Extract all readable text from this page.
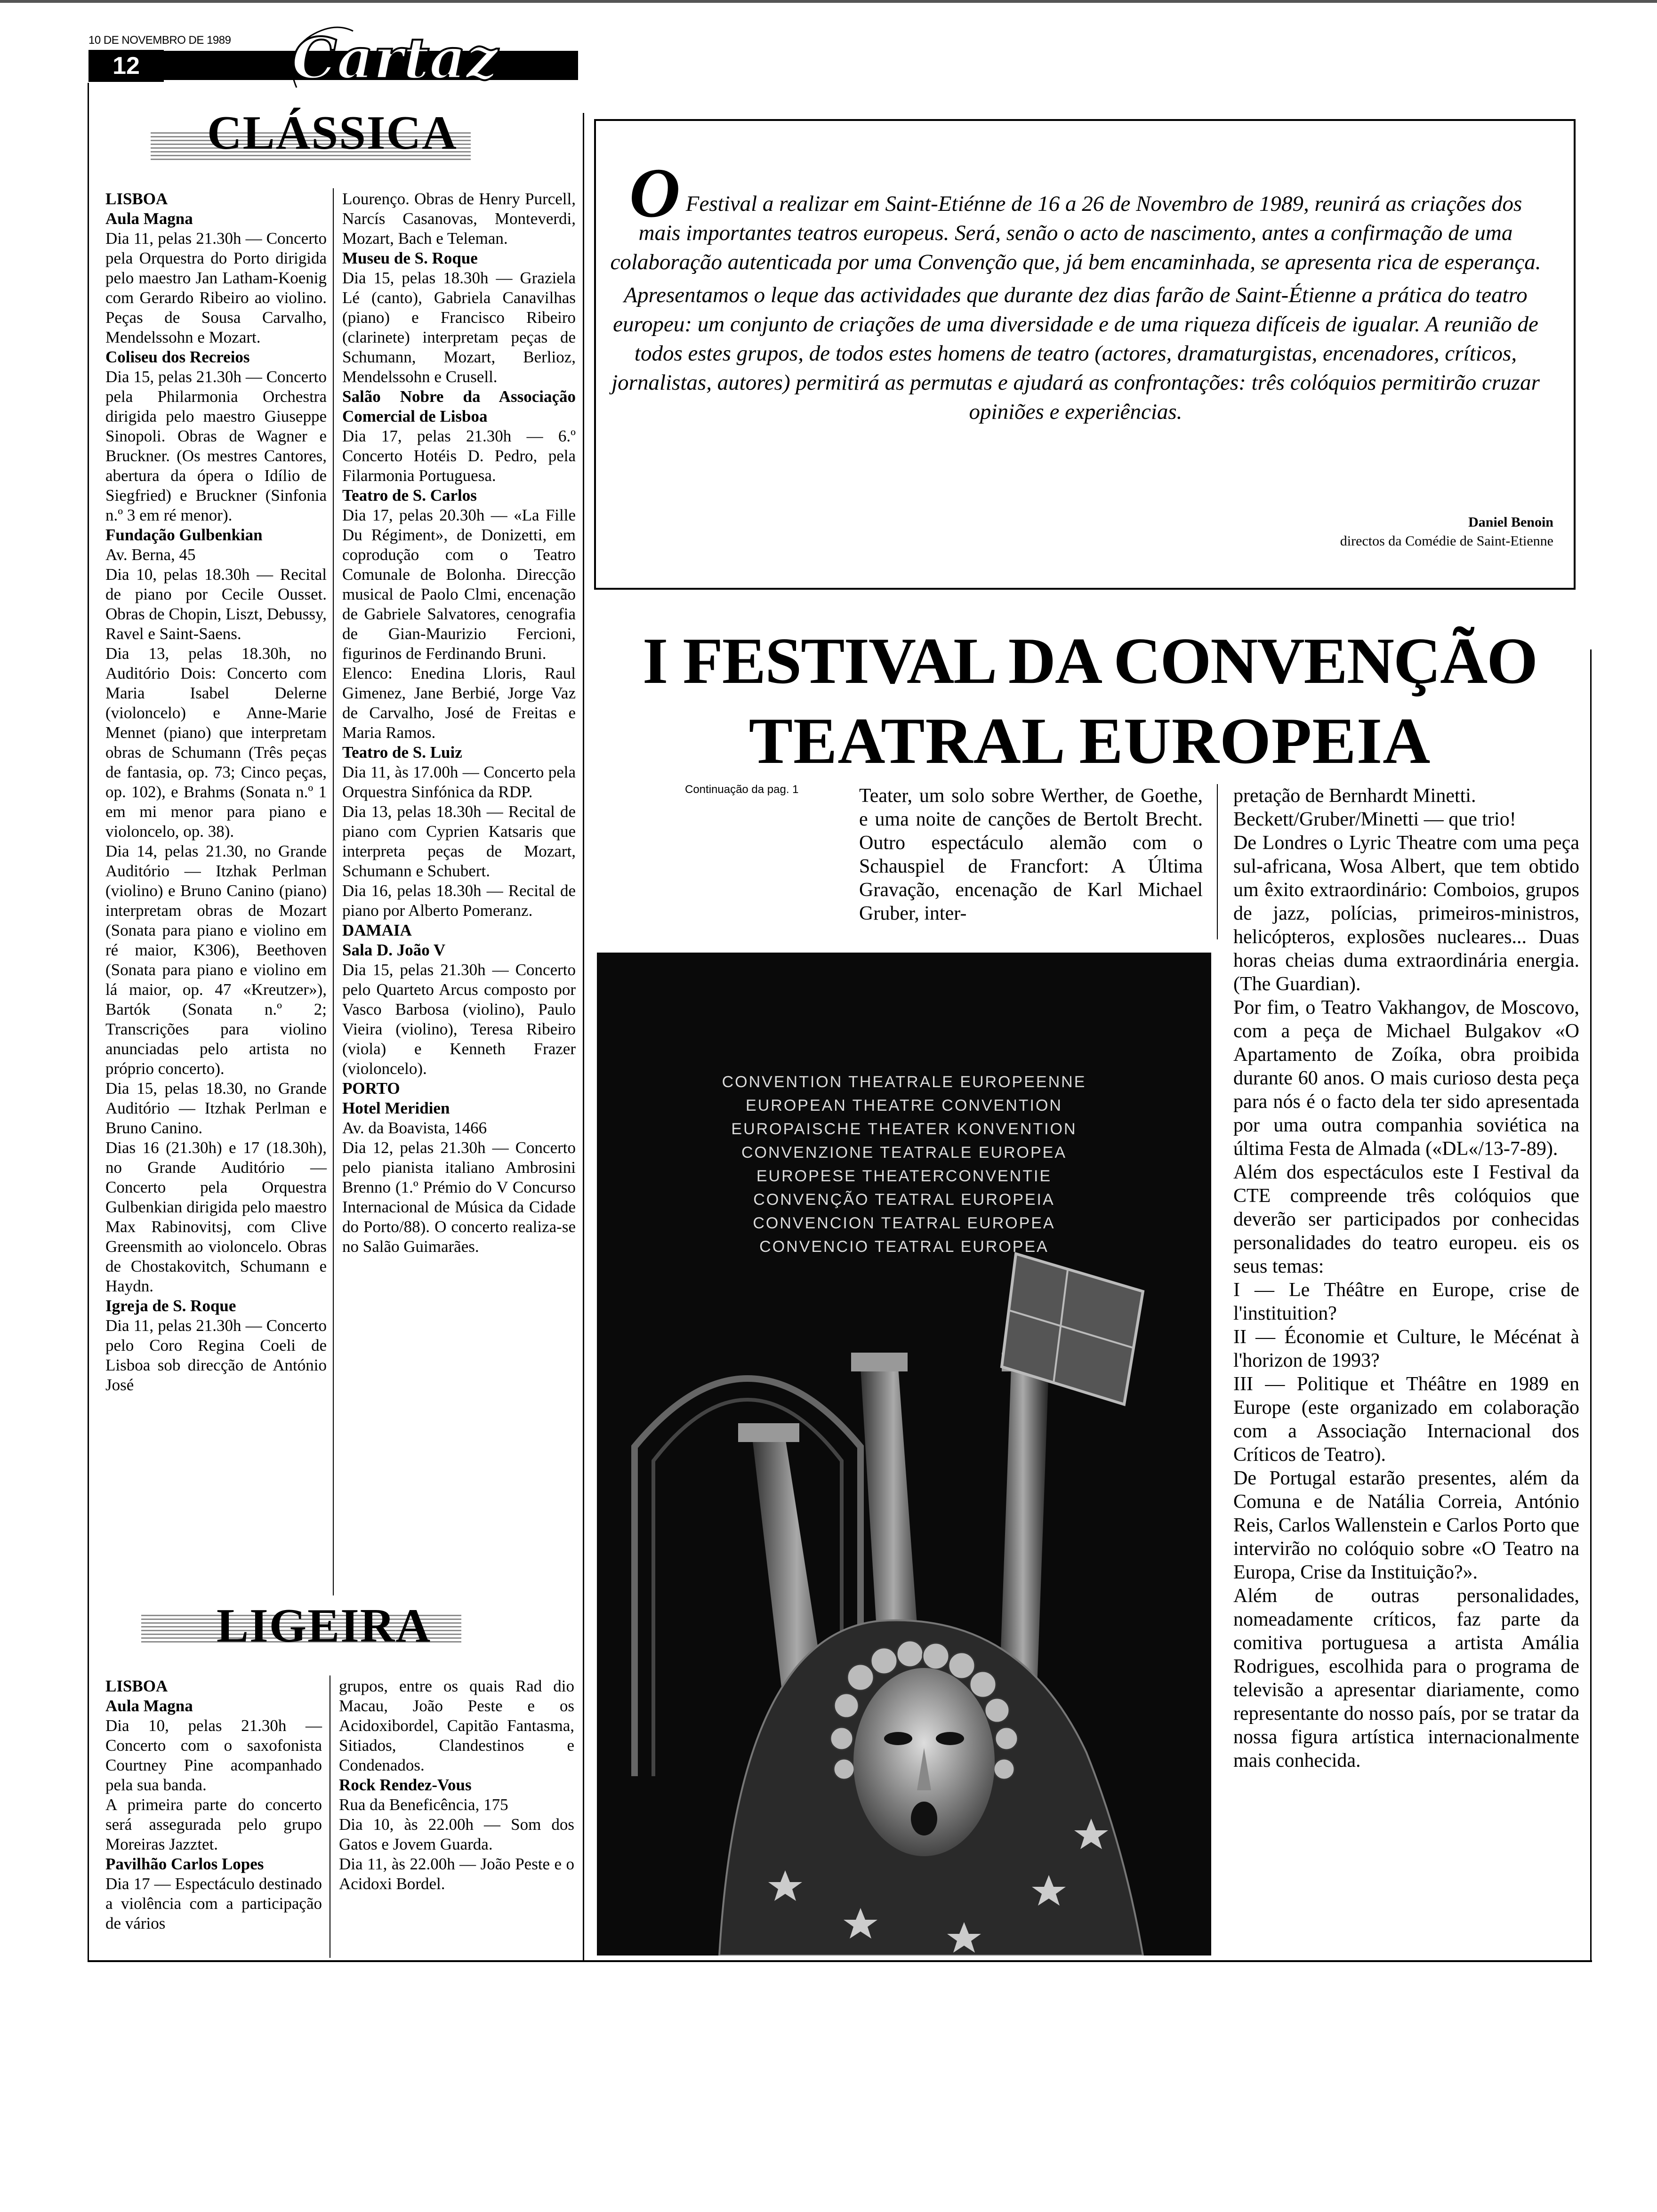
10 DE NOVEMBRO DE 1989
12	Cartaz
CLÁSSICA

LISBOA

Aula Magna

Dia 11, pelas 21.30h — Concerto pela Orquestra do Porto dirigida pelo maestro Jan Latham-Koenig com Gerardo Ribeiro ao violino. Peças de Sousa Carvalho, Mendelssohn e Mozart.

Coliseu dos Recreios

Dia 15, pelas 21.30h — Concerto pela Philarmonia Orchestra dirigida pelo maestro Giuseppe Sinopoli. Obras de Wagner e Bruckner. (Os mestres Cantores, abertura da ópera o Idílio de Siegfried) e Bruckner (Sinfonia n.º 3 em ré menor).

Fundação Gulbenkian

Av. Berna, 45

Dia 10, pelas 18.30h — Recital de piano por Cecile Ousset. Obras de Chopin, Liszt, Debussy, Ravel e Saint-Saens.

Dia 13, pelas 18.30h, no Auditório Dois: Concerto com Maria Isabel Delerne (violoncelo) e Anne-Marie Mennet (piano) que interpretam obras de Schumann (Três peças de fantasia, op. 73; Cinco peças, op. 102), e Brahms (Sonata n.º 1 em mi menor para piano e violoncelo, op. 38).

Dia 14, pelas 21.30, no Grande Auditório — Itzhak Perlman (violino) e Bruno Canino (piano) interpretam obras de Mozart (Sonata para piano e violino em ré maior, K306), Beethoven (Sonata para piano e violino em lá maior, op. 47 «Kreutzer»), Bartók (Sonata n.º 2; Transcrições para violino anunciadas pelo artista no próprio concerto).

Dia 15, pelas 18.30, no Grande Auditório — Itzhak Perlman e Bruno Canino.

Dias 16 (21.30h) e 17 (18.30h), no Grande Auditório — Concerto pela Orquestra Gulbenkian dirigida pelo maestro Max Rabinovitsj, com Clive Greensmith ao violoncelo. Obras de Chostakovitch, Schumann e Haydn.

Igreja de S. Roque

Dia 11, pelas 21.30h — Concerto pelo Coro Regina Coeli de Lisboa sob direcção de António José

Lourenço. Obras de Henry Purcell, Narcís Casanovas, Monteverdi, Mozart, Bach e Teleman.

Museu de S. Roque

Dia 15, pelas 18.30h — Graziela Lé (canto), Gabriela Canavilhas (piano) e Francisco Ribeiro (clarinete) interpretam peças de Schumann, Mozart, Berlioz, Mendelssohn e Crusell.

Salão Nobre da Associação Comercial de Lisboa

Dia 17, pelas 21.30h — 6.º Concerto Hotéis D. Pedro, pela Filarmonia Portuguesa.

Teatro de S. Carlos

Dia 17, pelas 20.30h — «La Fille Du Régiment», de Donizetti, em coprodução com o Teatro Comunale de Bolonha. Direcção musical de Paolo Clmi, encenação de Gabriele Salvatores, cenografia de Gian-Maurizio Fercioni, figurinos de Ferdinando Bruni.

Elenco: Enedina Lloris, Raul Gimenez, Jane Berbié, Jorge Vaz de Carvalho, José de Freitas e Maria Ramos.

Teatro de S. Luiz

Dia 11, às 17.00h — Concerto pela Orquestra Sinfónica da RDP.

Dia 13, pelas 18.30h — Recital de piano com Cyprien Katsaris que interpreta peças de Mozart, Schumann e Schubert.

Dia 16, pelas 18.30h — Recital de piano por Alberto Pomeranz.

DAMAIA

Sala D. João V

Dia 15, pelas 21.30h — Concerto pelo Quarteto Arcus composto por Vasco Barbosa (violino), Paulo Vieira (violino), Teresa Ribeiro (viola) e Kenneth Frazer (violoncelo).

PORTO

Hotel Meridien

Av. da Boavista, 1466

Dia 12, pelas 21.30h — Concerto pelo pianista italiano Ambrosini Brenno (1.º Prémio do V Concurso Internacional de Música da Cidade do Porto/88). O concerto realiza-se no Salão Guimarães.

LIGEIRA

LISBOA

Aula Magna

Dia 10, pelas 21.30h — Concerto com o saxofonista Courtney Pine acompanhado pela sua banda.

A primeira parte do concerto será assegurada pelo grupo Moreiras Jazztet.

Pavilhão Carlos Lopes

Dia 17 — Espectáculo destinado a violência com a participação de vários

grupos, entre os quais Rad dio Macau, João Peste e os Acidoxibordel, Capitão Fantasma, Sitiados, Clandestinos e Condenados.

Rock Rendez-Vous

Rua da Beneficência, 175

Dia 10, às 22.00h — Som dos Gatos e Jovem Guarda.

Dia 11, às 22.00h — João Peste e o Acidoxi Bordel.

O Festival a realizar em Saint-Etiénne de 16 a 26 de Novembro de 1989, reunirá as criações dos mais importantes teatros europeus. Será, senão o acto de nascimento, antes a confirmação de uma colaboração autenticada por uma Convenção que, já bem encaminhada, se apresenta rica de esperança.

Apresentamos o leque das actividades que durante dez dias farão de Saint-Étienne a prática do teatro europeu: um conjunto de criações de uma diversidade e de uma riqueza difíceis de igualar. A reunião de todos estes grupos, de todos estes homens de teatro (actores, dramaturgistas, encenadores, críticos, jornalistas, autores) permitirá as permutas e ajudará as confrontações: três colóquios permitirão cruzar opiniões e experiências.

Daniel Benoin
directos da Comédie de Saint-Etienne
I FESTIVAL DA CONVENÇÃO
TEATRAL EUROPEIA
Continuação da pag. 1	Teater, um solo sobre Werther, de Goethe, e uma noite de canções de Bertolt Brecht. Outro espectáculo alemão com o Schauspiel de Francfort: A Última Gravação, encenação de Karl Michael Gruber, inter-

pretação de Bernhardt Minetti.

Beckett/Gruber/Minetti — que trio!

De Londres o Lyric Theatre com uma peça sul-africana, Wosa Albert, que tem obtido um êxito extraordinário: Comboios, grupos de jazz, polícias, primeiros-ministros, helicópteros, explosões nucleares... Duas horas cheias duma extraordinária energia. (The Guardian).

Por fim, o Teatro Vakhangov, de Moscovo, com a peça de Michael Bulgakov «O Apartamento de Zoíka, obra proibida durante 60 anos. O mais curioso desta peça para nós é o facto dela ter sido apresentada por uma outra companhia soviética na última Festa de Almada («DL«/13-7-89).

Além dos espectáculos este I Festival da CTE compreende três colóquios que deverão ser participados por conhecidas personalidades do teatro europeu. eis os seus temas:

I — Le Théâtre en Europe, crise de l'instituition?

II — Économie et Culture, le Mécénat à l'horizon de 1993?

III — Politique et Théâtre en 1989 en Europe (este organizado em colaboração com a Associação Internacional dos Críticos de Teatro).

De Portugal estarão presentes, além da Comuna e de Natália Correia, António Reis, Carlos Wallenstein e Carlos Porto que intervirão no colóquio sobre «O Teatro na Europa, Crise da Instituição?».

Além de outras personalidades, nomeadamente críticos, faz parte da comitiva portuguesa a artista Amália Rodrigues, escolhida para o programa de televisão a apresentar diariamente, como representante do nosso país, por se tratar da nossa figura artística internacionalmente mais conhecida.

CONVENTION THEATRALE EUROPEENNE
EUROPEAN THEATRE CONVENTION
EUROPAISCHE THEATER KONVENTION
CONVENZIONE TEATRALE EUROPEA
EUROPESE THEATERCONVENTIE
CONVENÇÃO TEATRAL EUROPEIA
CONVENCION TEATRAL EUROPEA
CONVENCIO TEATRAL EUROPEA
